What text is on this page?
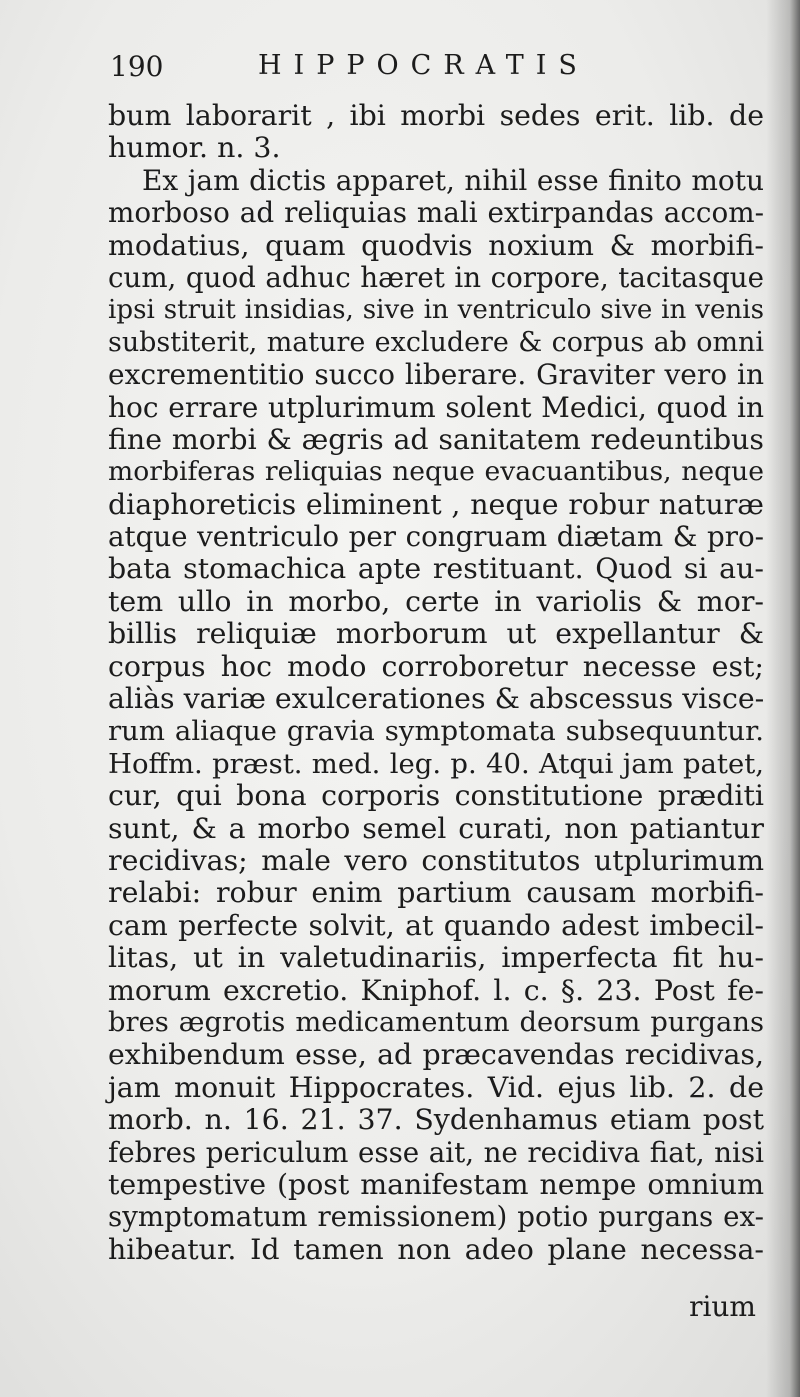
190	HIPPOCRATIS
bum laborarit , ibi morbi sedes erit. lib. de
humor. n. 3.
Ex jam dictis apparet, nihil esse finito motu
morboso ad reliquias mali extirpandas accom-
modatius, quam quodvis noxium & morbifi-
cum, quod adhuc hæret in corpore, tacitasque
ipsi struit insidias, sive in ventriculo sive in venis
substiterit, mature excludere & corpus ab omni
excrementitio succo liberare. Graviter vero in
hoc errare utplurimum solent Medici, quod in
fine morbi & ægris ad sanitatem redeuntibus
morbiferas reliquias neque evacuantibus, neque
diaphoreticis eliminent , neque robur naturæ
atque ventriculo per congruam diætam & pro-
bata stomachica apte restituant. Quod si au-
tem ullo in morbo, certe in variolis & mor-
billis reliquiæ morborum ut expellantur &
corpus hoc modo corroboretur necesse est;
aliàs variæ exulcerationes & abscessus visce-
rum aliaque gravia symptomata subsequuntur.
Hoffm. præst. med. leg. p. 40. Atqui jam patet,
cur, qui bona corporis constitutione præditi
sunt, & a morbo semel curati, non patiantur
recidivas; male vero constitutos utplurimum
relabi: robur enim partium causam morbifi-
cam perfecte solvit, at quando adest imbecil-
litas, ut in valetudinariis, imperfecta fit hu-
morum excretio. Kniphof. l. c. §. 23. Post fe-
bres ægrotis medicamentum deorsum purgans
exhibendum esse, ad præcavendas recidivas,
jam monuit Hippocrates. Vid. ejus lib. 2. de
morb. n. 16. 21. 37. Sydenhamus etiam post
febres periculum esse ait, ne recidiva fiat, nisi
tempestive (post manifestam nempe omnium
symptomatum remissionem) potio purgans ex-
hibeatur. Id tamen non adeo plane necessa-
rium
